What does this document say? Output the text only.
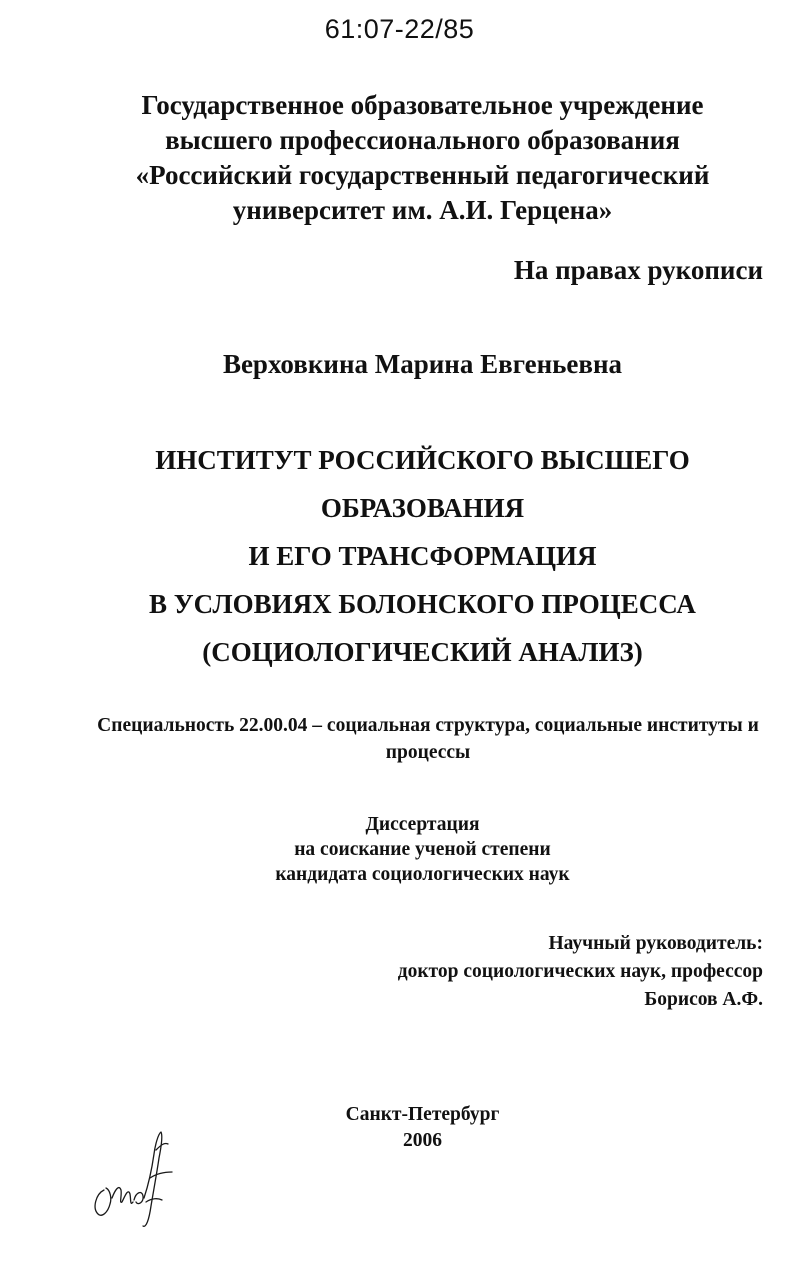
61:07-22/85
Государственное образовательное учреждение
высшего профессионального образования
«Российский государственный педагогический
университет им. А.И. Герцена»
На правах рукописи
Верховкина Марина Евгеньевна
ИНСТИТУТ РОССИЙСКОГО ВЫСШЕГО
ОБРАЗОВАНИЯ
И ЕГО ТРАНСФОРМАЦИЯ
В УСЛОВИЯХ БОЛОНСКОГО ПРОЦЕССА
(СОЦИОЛОГИЧЕСКИЙ АНАЛИЗ)
Специальность 22.00.04 – социальная структура, социальные институты и процессы
Диссертация
на соискание ученой степени
кандидата социологических наук
Научный руководитель:
доктор социологических наук, профессор
Борисов А.Ф.
Санкт-Петербург
2006
